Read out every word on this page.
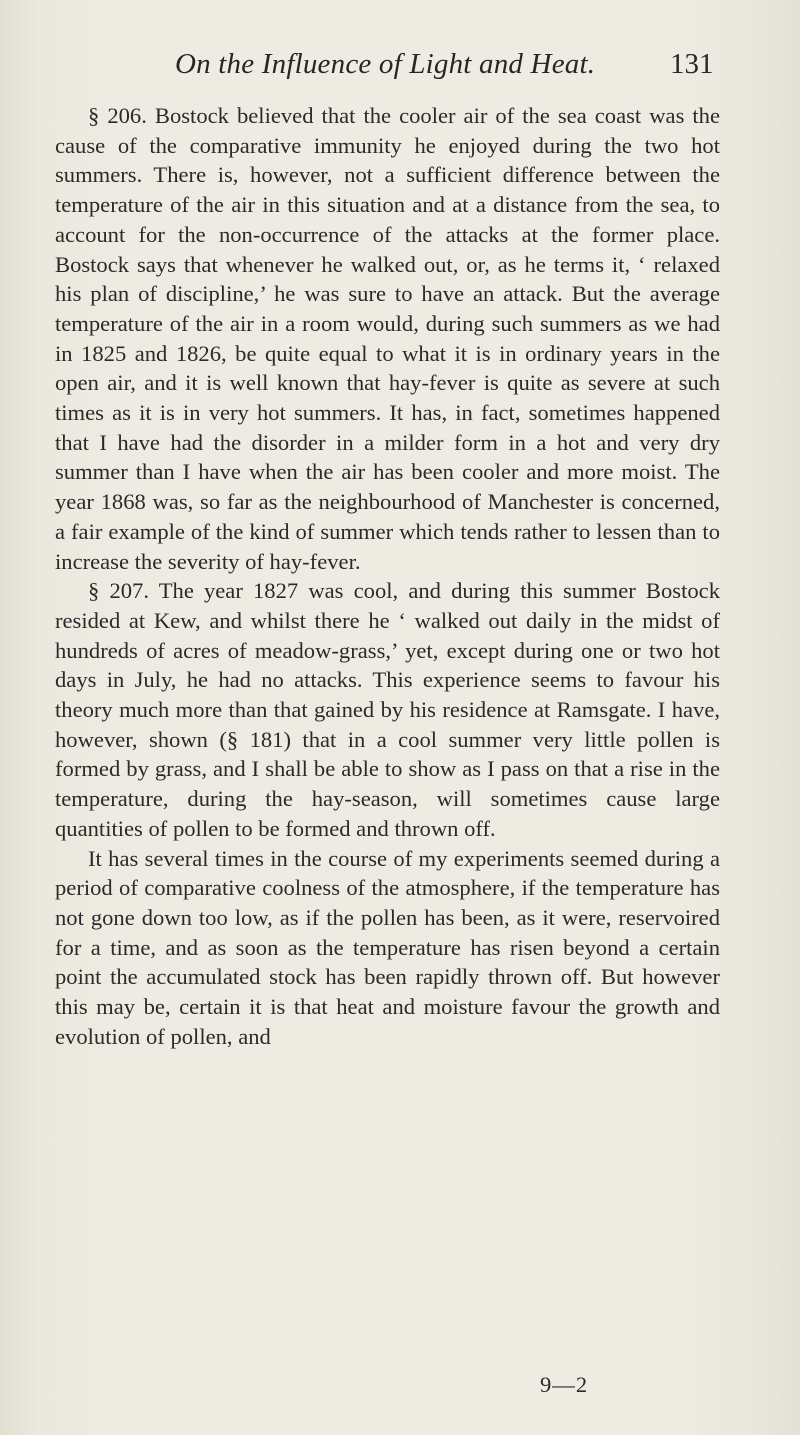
On the Influence of Light and Heat.	131

§ 206. Bostock believed that the cooler air of the sea coast was the cause of the comparative immunity he enjoyed during the two hot summers. There is, however, not a sufficient difference between the temperature of the air in this situation and at a distance from the sea, to account for the non-occurrence of the attacks at the former place. Bostock says that whenever he walked out, or, as he terms it, ‘ relaxed his plan of discipline,’ he was sure to have an attack. But the average temperature of the air in a room would, during such summers as we had in 1825 and 1826, be quite equal to what it is in ordinary years in the open air, and it is well known that hay-fever is quite as severe at such times as it is in very hot summers. It has, in fact, sometimes happened that I have had the disorder in a milder form in a hot and very dry summer than I have when the air has been cooler and more moist. The year 1868 was, so far as the neighbourhood of Manchester is concerned, a fair example of the kind of summer which tends rather to lessen than to increase the severity of hay-fever.

§ 207. The year 1827 was cool, and during this summer Bostock resided at Kew, and whilst there he ‘ walked out daily in the midst of hundreds of acres of meadow-grass,’ yet, except during one or two hot days in July, he had no attacks. This experience seems to favour his theory much more than that gained by his residence at Ramsgate. I have, however, shown (§ 181) that in a cool summer very little pollen is formed by grass, and I shall be able to show as I pass on that a rise in the temperature, during the hay-season, will sometimes cause large quantities of pollen to be formed and thrown off.

It has several times in the course of my experiments seemed during a period of comparative coolness of the atmosphere, if the temperature has not gone down too low, as if the pollen has been, as it were, reservoired for a time, and as soon as the temperature has risen beyond a certain point the accumulated stock has been rapidly thrown off. But however this may be, certain it is that heat and moisture favour the growth and evolution of pollen, and

9—2
